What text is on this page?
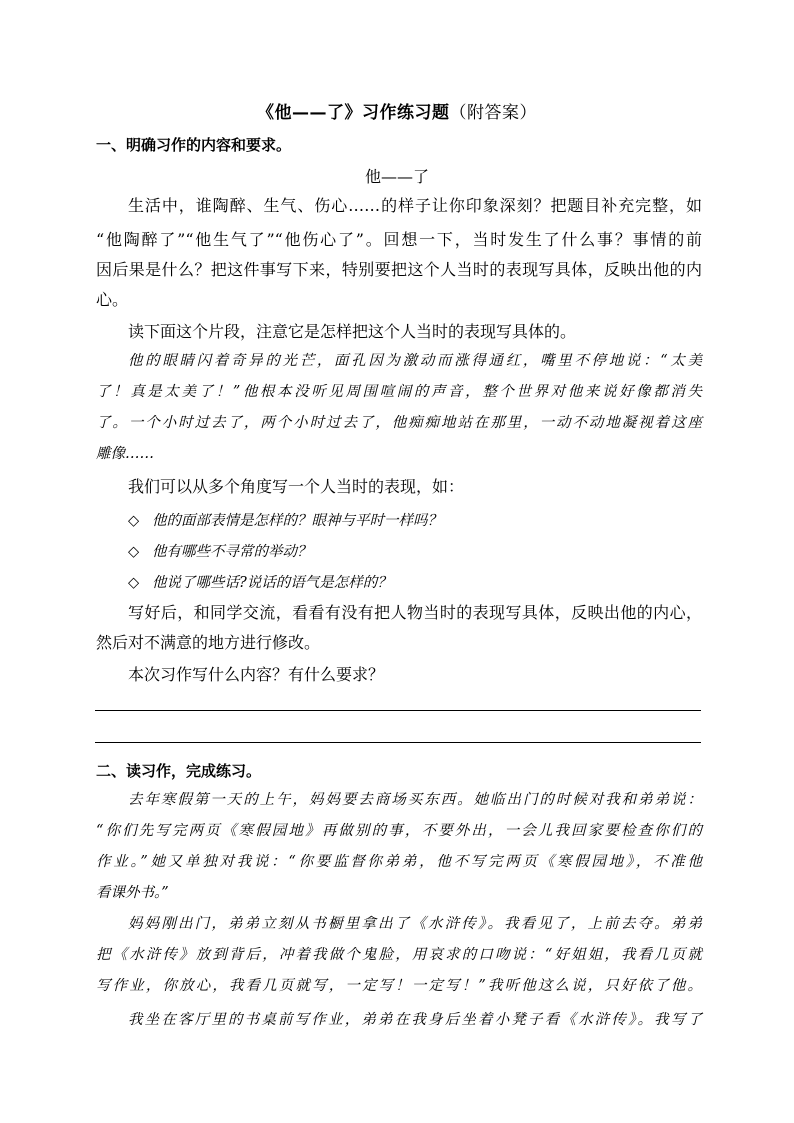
《他——了》习作练习题（附答案）
一、明确习作的内容和要求。
他——了
生活中，谁陶醉、生气、伤心……的样子让你印象深刻？把题目补充完整，如
“他陶醉了”“他生气了”“他伤心了”。回想一下，当时发生了什么事？事情的前
因后果是什么？把这件事写下来，特别要把这个人当时的表现写具体，反映出他的内
心。
读下面这个片段，注意它是怎样把这个人当时的表现写具体的。
他的眼睛闪着奇异的光芒，面孔因为激动而涨得通红，嘴里不停地说：“太美
了！真是太美了！”他根本没听见周围喧闹的声音，整个世界对他来说好像都消失
了。一个小时过去了，两个小时过去了，他痴痴地站在那里，一动不动地凝视着这座
雕像……
我们可以从多个角度写一个人当时的表现，如：
◇ 他的面部表情是怎样的？眼神与平时一样吗？
◇ 他有哪些不寻常的举动？
◇ 他说了哪些话?说话的语气是怎样的？
写好后，和同学交流，看看有没有把人物当时的表现写具体，反映出他的内心，
然后对不满意的地方进行修改。
本次习作写什么内容？有什么要求？
二、读习作，完成练习。
去年寒假第一天的上午，妈妈要去商场买东西。她临出门的时候对我和弟弟说：
“你们先写完两页《寒假园地》再做别的事，不要外出，一会儿我回家要检查你们的
作业。”她又单独对我说：“你要监督你弟弟，他不写完两页《寒假园地》，不准他
看课外书。”
妈妈刚出门，弟弟立刻从书橱里拿出了《水浒传》。我看见了，上前去夺。弟弟
把《水浒传》放到背后，冲着我做个鬼脸，用哀求的口吻说：“好姐姐，我看几页就
写作业，你放心，我看几页就写，一定写！一定写！”我听他这么说，只好依了他。
我坐在客厅里的书桌前写作业，弟弟在我身后坐着小凳子看《水浒传》。我写了
